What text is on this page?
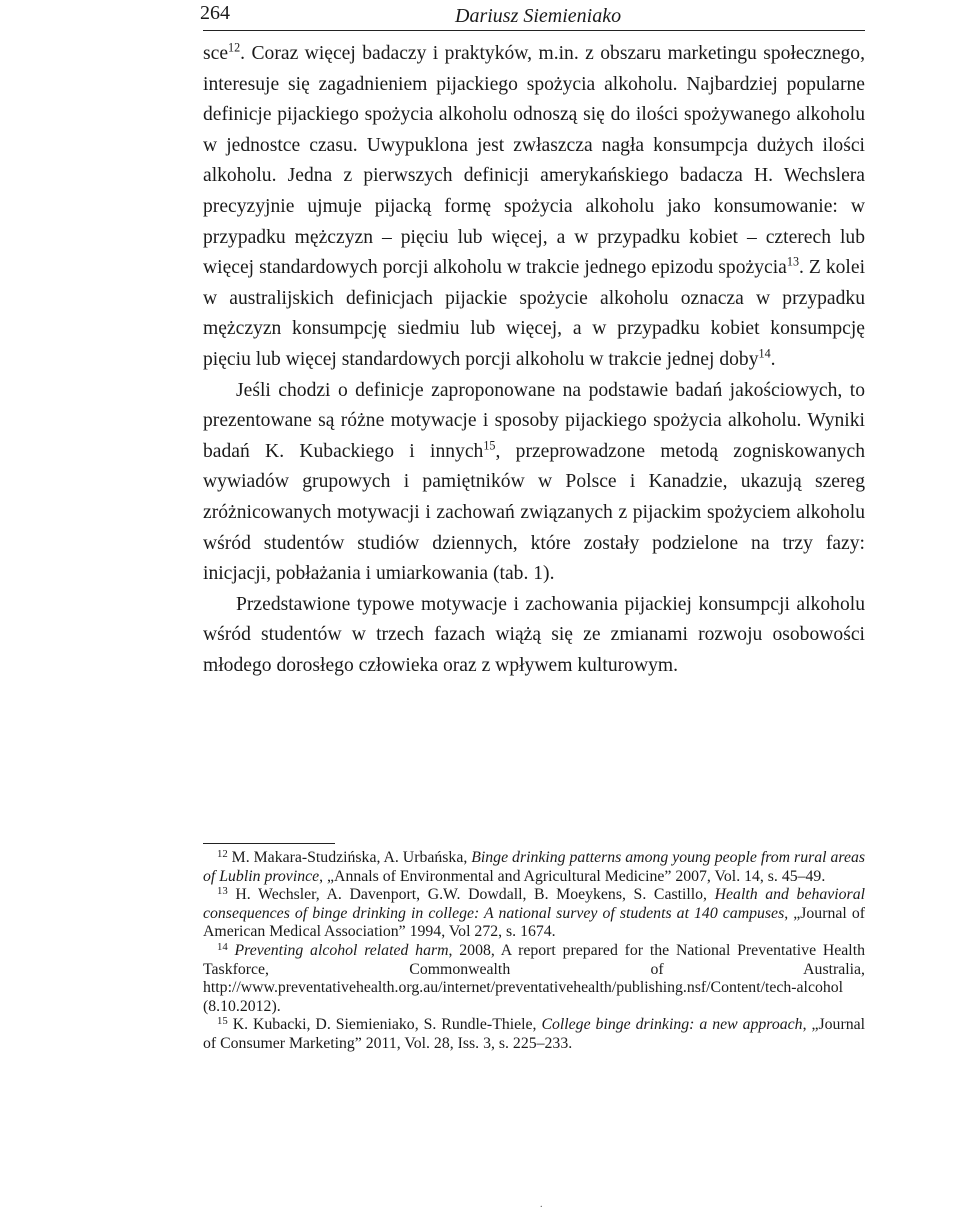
264	Dariusz Siemieniako

sce$^{12}$. Coraz więcej badaczy i praktyków, m.in. z obszaru marketingu społecznego, interesuje się zagadnieniem pijackiego spożycia alkoholu. Najbardziej popularne definicje pijackiego spożycia alkoholu odnoszą się do ilości spożywanego alkoholu w jednostce czasu. Uwypuklona jest zwłaszcza nagła konsumpcja dużych ilości alkoholu. Jedna z pierwszych definicji amerykańskiego badacza H. Wechslera precyzyjnie ujmuje pijacką formę spożycia alkoholu jako konsumowanie: w przypadku mężczyzn – pięciu lub więcej, a w przypadku kobiet – czterech lub więcej standardowych porcji alkoholu w trakcie jednego epizodu spożycia$^{13}$. Z kolei w australijskich definicjach pijackie spożycie alkoholu oznacza w przypadku mężczyzn konsumpcję siedmiu lub więcej, a w przypadku kobiet konsumpcję pięciu lub więcej standardowych porcji alkoholu w trakcie jednej doby$^{14}$.

Jeśli chodzi o definicje zaproponowane na podstawie badań jakościowych, to prezentowane są różne motywacje i sposoby pijackiego spożycia alkoholu. Wyniki badań K. Kubackiego i innych$^{15}$, przeprowadzone metodą zogniskowanych wywiadów grupowych i pamiętników w Polsce i Kanadzie, ukazują szereg zróżnicowanych motywacji i zachowań związanych z pijackim spożyciem alkoholu wśród studentów studiów dziennych, które zostały podzielone na trzy fazy: inicjacji, pobłażania i umiarkowania (tab. 1).

Przedstawione typowe motywacje i zachowania pijackiej konsumpcji alkoholu wśród studentów w trzech fazach wiążą się ze zmianami rozwoju osobowości młodego dorosłego człowieka oraz z wpływem kulturowym.

$^{12}$ M. Makara-Studzińska, A. Urbańska, Binge drinking patterns among young people from rural areas of Lublin province, „Annals of Environmental and Agricultural Medicine” 2007, Vol. 14, s. 45–49.

$^{13}$ H. Wechsler, A. Davenport, G.W. Dowdall, B. Moeykens, S. Castillo, Health and behavioral consequences of binge drinking in college: A national survey of students at 140 campuses, „Journal of American Medical Association” 1994, Vol 272, s. 1674.

$^{14}$ Preventing alcohol related harm, 2008, A report prepared for the National Preventative Health Taskforce, Commonwealth of Australia, http://www.preventativehealth.org.au/internet/preventativehealth/publishing.nsf/Content/tech-alcohol (8.10.2012).

$^{15}$ K. Kubacki, D. Siemieniako, S. Rundle-Thiele, College binge drinking: a new approach, „Journal of Consumer Marketing” 2011, Vol. 28, Iss. 3, s. 225–233.

.
